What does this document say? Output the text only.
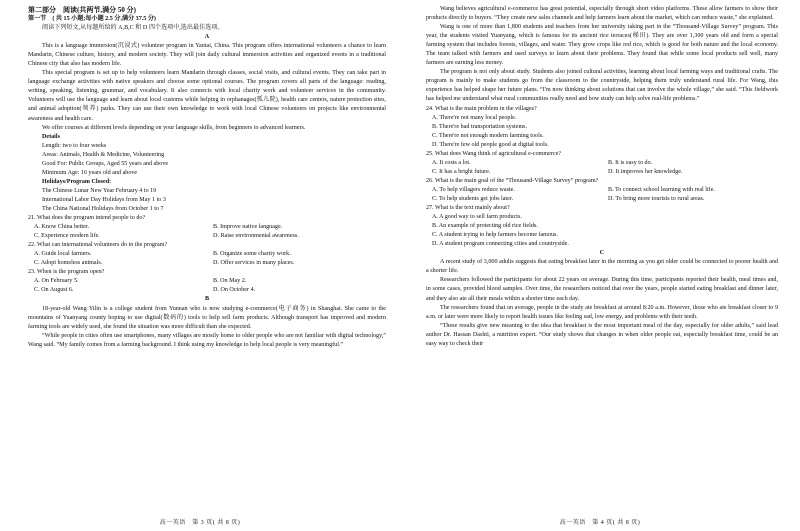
第二部分　阅读(共两节,满分 50 分)

第一节　( 共 15 小题;每小题 2.5 分,满分 37.5 分)

阅读下列短文,从每题所给的 A,B,C 和 D 四个选项中,选出最佳选项。

A

This is a language immersion(沉浸式) volunteer program in Yantai, China. This program offers international volunteers a chance to learn Mandarin, Chinese culture, history, and modern society. They will join daily cultural immersion activities and organized events in a traditional Chinese city that also has modern life.

This special program is set up to help volunteers learn Mandarin through classes, social visits, and cultural events. They can take part in language exchange activities with native speakers and choose some optional courses. The program covers all parts of the language: reading, writing, speaking, listening, grammar, and vocabulary. It also connects with local charity work and volunteer services in the community. Volunteers will use the language and learn about local customs while helping in orphanages(孤儿院), health care centers, nature protection sites, and animal adoption(领养) parks. They can use their own knowledge to work with local Chinese volunteers on projects like environmental awareness and health care.

We offer courses at different levels depending on your language skills, from beginners to advanced learners.

Details

Length: two to four weeks

Areas: Animals, Health & Medicine, Volunteering

Good For: Public Groups, Aged 55 years and above

Minimum Age: 16 years old and above

Holidays/Program Closed:

The Chinese Lunar New Year February 4 to 19

International Labor Day Holidays from May 1 to 3

The China National Holidays from October 1 to 7

21. What does the program intend people to do?

A. Know China better.	B. Improve native language.
C. Experience modern life.	D. Raise environmental awareness.

22. What can international volunteers do in the program?

A. Guide local farmers.	B. Organize some charity work.
C. Adopt homeless animals.	D. Offer services in many places.

23. When is the program open?

A. On February 5.	B. On May 2.
C. On August 6.	D. On October 4.

B

18-year-old Wang Yilin is a college student from Yunnan who is now studying e-commerce(电子商务) in Shanghai. She came to the mountains of Yuanyang county hoping to use digital(数码的) tools to help sell farm products. Although transport has improved and modern farming tools are widely used, she found the situation was more difficult than she expected.

“While people in cities often use smartphones, many villages are mostly home to older people who are not familiar with digital technology,” Wang said. “My family comes from a farming background. I think using my knowledge to help local people is very meaningful.”

高一英语　第 3 页( 共 8 页)

Wang believes agricultural e-commerce has great potential, especially through short video platforms. These allow farmers to show their products directly to buyers. “They create new sales channels and help farmers learn about the market, which can reduce waste,” she explained.

Wang is one of more than 1,800 students and teachers from her university taking part in the “Thousand-Village Survey” program. This year, the students visited Yuanyang, which is famous for its ancient rice terraces(梯田). They are over 1,300 years old and form a special farming system that includes forests, villages, and water. They grow crops like red rice, which is good for both nature and the local economy. The team talked with farmers and used surveys to learn about their problems. They found that while some local products sell well, many farmers are earning less money.

The program is not only about study. Students also joined cultural activities, learning about local farming ways and traditional crafts. The program is mainly to make students go from the classroom to the countryside, helping them truly understand rural life. For Wang, this experience has helped shape her future plans. “I'm now thinking about solutions that can involve the whole village,” she said. “This fieldwork has helped me understand what rural communities really need and how study can help solve real-life problems.”

24. What is the main problem in the villages?

A. There're not many local people.

B. There're bad transportation systems.

C. There're not enough modern farming tools.

D. There're few old people good at digital tools.

25. What does Wang think of agricultural e-commerce?

A. It costs a lot.	B. It is easy to do.
C. It has a bright future.	D. It improves her knowledge.

26. What is the main goal of the “Thousand-Village Survey” program?

A. To help villagers reduce waste.	B. To connect school learning with real life.
C. To help students get jobs later.	D. To bring more tourists to rural areas.

27. What is the text mainly about?

A. A good way to sell farm products.

B. An example of protecting old rice fields.

C. A student trying to help farmers become famous.

D. A student program connecting cities and countryside.

C

A recent study of 3,000 adults suggests that eating breakfast later in the morning as you get older could be connected to poorer health and a shorter life.

Researchers followed the participants for about 22 years on average. During this time, participants reported their health, meal times and, in some cases, provided blood samples. Over time, the researchers noticed that over the years, people started eating breakfast and dinner later, and they also ate all their meals within a shorter time each day.

The researchers found that on average, people in the study ate breakfast at around 8:20 a.m. However, those who ate breakfast closer to 9 a.m. or later were more likely to report health issues like feeling sad, low energy, and problems with their teeth.

“These results give new meaning to the idea that breakfast is the most important meal of the day, especially for older adults,” said lead author Dr. Hassan Dashti, a nutrition expert. “Our study shows that changes in when older people eat, especially breakfast time, could be an easy way to check their

高一英语　第 4 页( 共 8 页)
